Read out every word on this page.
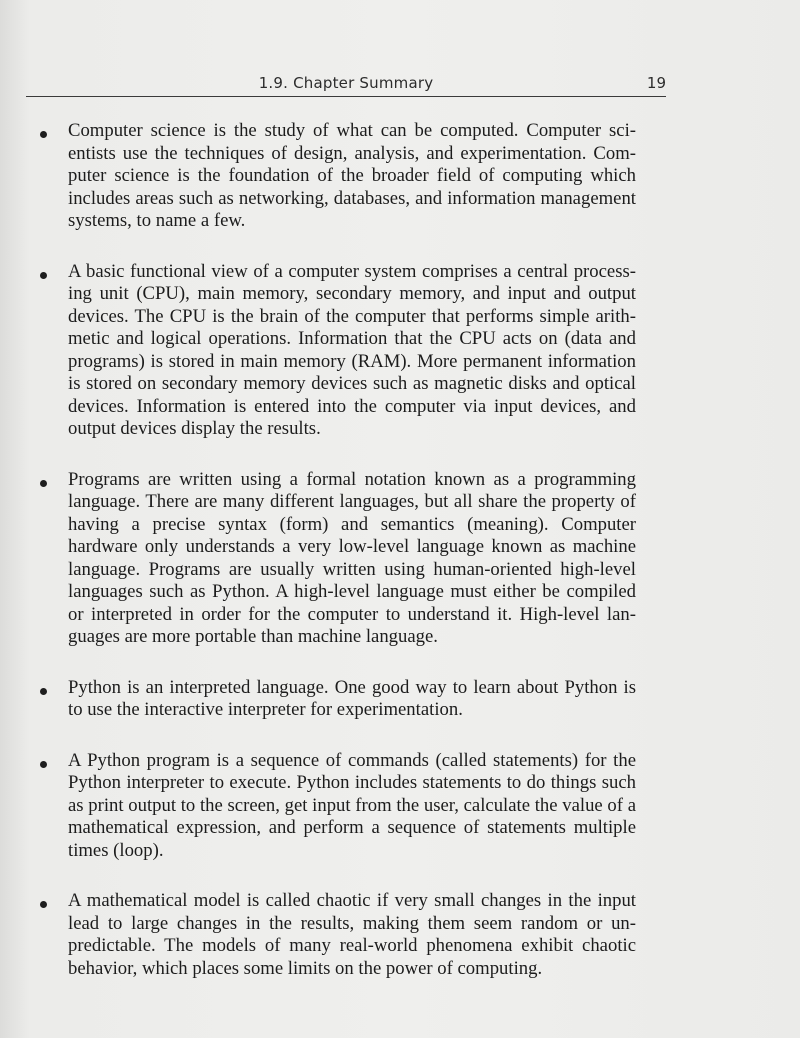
1.9. Chapter Summary	19
Computer science is the study of what can be computed. Computer scientists use the techniques of design, analysis, and experimentation. Computer science is the foundation of the broader field of computing which includes areas such as networking, databases, and information management systems, to name a few.
A basic functional view of a computer system comprises a central processing unit (CPU), main memory, secondary memory, and input and output devices. The CPU is the brain of the computer that performs simple arithmetic and logical operations. Information that the CPU acts on (data and programs) is stored in main memory (RAM). More permanent information is stored on secondary memory devices such as magnetic disks and optical devices. Information is entered into the computer via input devices, and output devices display the results.
Programs are written using a formal notation known as a programming language. There are many different languages, but all share the property of having a precise syntax (form) and semantics (meaning). Computer hardware only understands a very low-level language known as machine language. Programs are usually written using human-oriented high-level languages such as Python. A high-level language must either be compiled or interpreted in order for the computer to understand it. High-level languages are more portable than machine language.
Python is an interpreted language. One good way to learn about Python is to use the interactive interpreter for experimentation.
A Python program is a sequence of commands (called statements) for the Python interpreter to execute. Python includes statements to do things such as print output to the screen, get input from the user, calculate the value of a mathematical expression, and perform a sequence of statements multiple times (loop).
A mathematical model is called chaotic if very small changes in the input lead to large changes in the results, making them seem random or unpredictable. The models of many real-world phenomena exhibit chaotic behavior, which places some limits on the power of computing.
